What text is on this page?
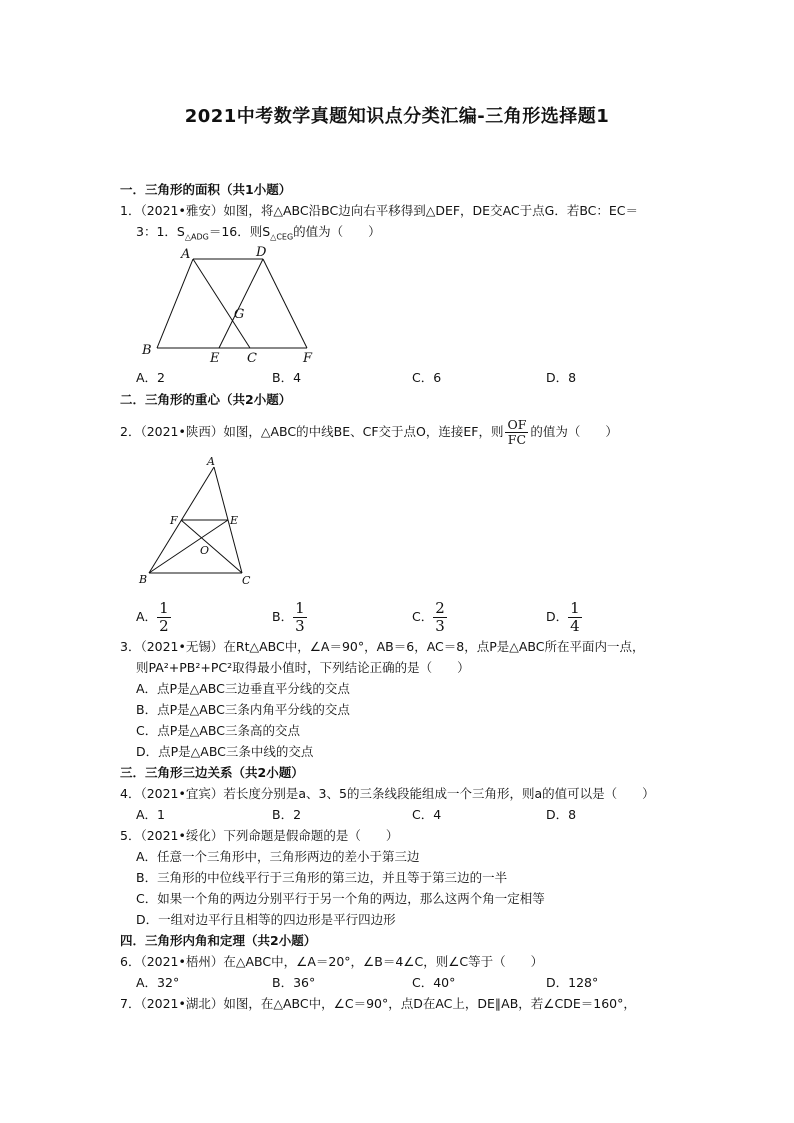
2021中考数学真题知识点分类汇编-三角形选择题1
一．三角形的面积（共1小题）
1．（2021•雅安）如图，将△ABC沿BC边向右平移得到△DEF，DE交AC于点G．若BC：EC＝
3：1．$S_{\triangle ADG}=16$．则$S_{\triangle CEG}$的值为（　　）
A	D
G
B
E C	F
A．2	B．4	C．6	D．8
二．三角形的重心（共2小题）
2．（2021•陕西）如图，△ABC的中线BE、CF交于点O，连接EF，则 $\frac{OF}{FC}$ 的值为（　　）
A
F	E
O
B	C
A． $\frac{1}{2}$	B． $\frac{1}{3}$	C． $\frac{2}{3}$	D． $\frac{1}{4}$
3．（2021•无锡）在Rt△ABC中，∠A＝90°，AB＝6，AC＝8，点P是△ABC所在平面内一点，
则PA²+PB²+PC²取得最小值时，下列结论正确的是（　　）
A．点P是△ABC三边垂直平分线的交点
B．点P是△ABC三条内角平分线的交点
C．点P是△ABC三条高的交点
D．点P是△ABC三条中线的交点
三．三角形三边关系（共2小题）
4．（2021•宜宾）若长度分别是a、3、5的三条线段能组成一个三角形，则a的值可以是（　　）
A．1	B．2	C．4	D．8
5．（2021•绥化）下列命题是假命题的是（　　）
A．任意一个三角形中，三角形两边的差小于第三边
B．三角形的中位线平行于三角形的第三边，并且等于第三边的一半
C．如果一个角的两边分别平行于另一个角的两边，那么这两个角一定相等
D．一组对边平行且相等的四边形是平行四边形
四．三角形内角和定理（共2小题）
6．（2021•梧州）在△ABC中，∠A＝20°，∠B＝4∠C，则∠C等于（　　）
A．32°	B．36°	C．40°	D．128°
7．（2021•湖北）如图，在△ABC中，∠C＝90°，点D在AC上，DE∥AB，若∠CDE＝160°，
